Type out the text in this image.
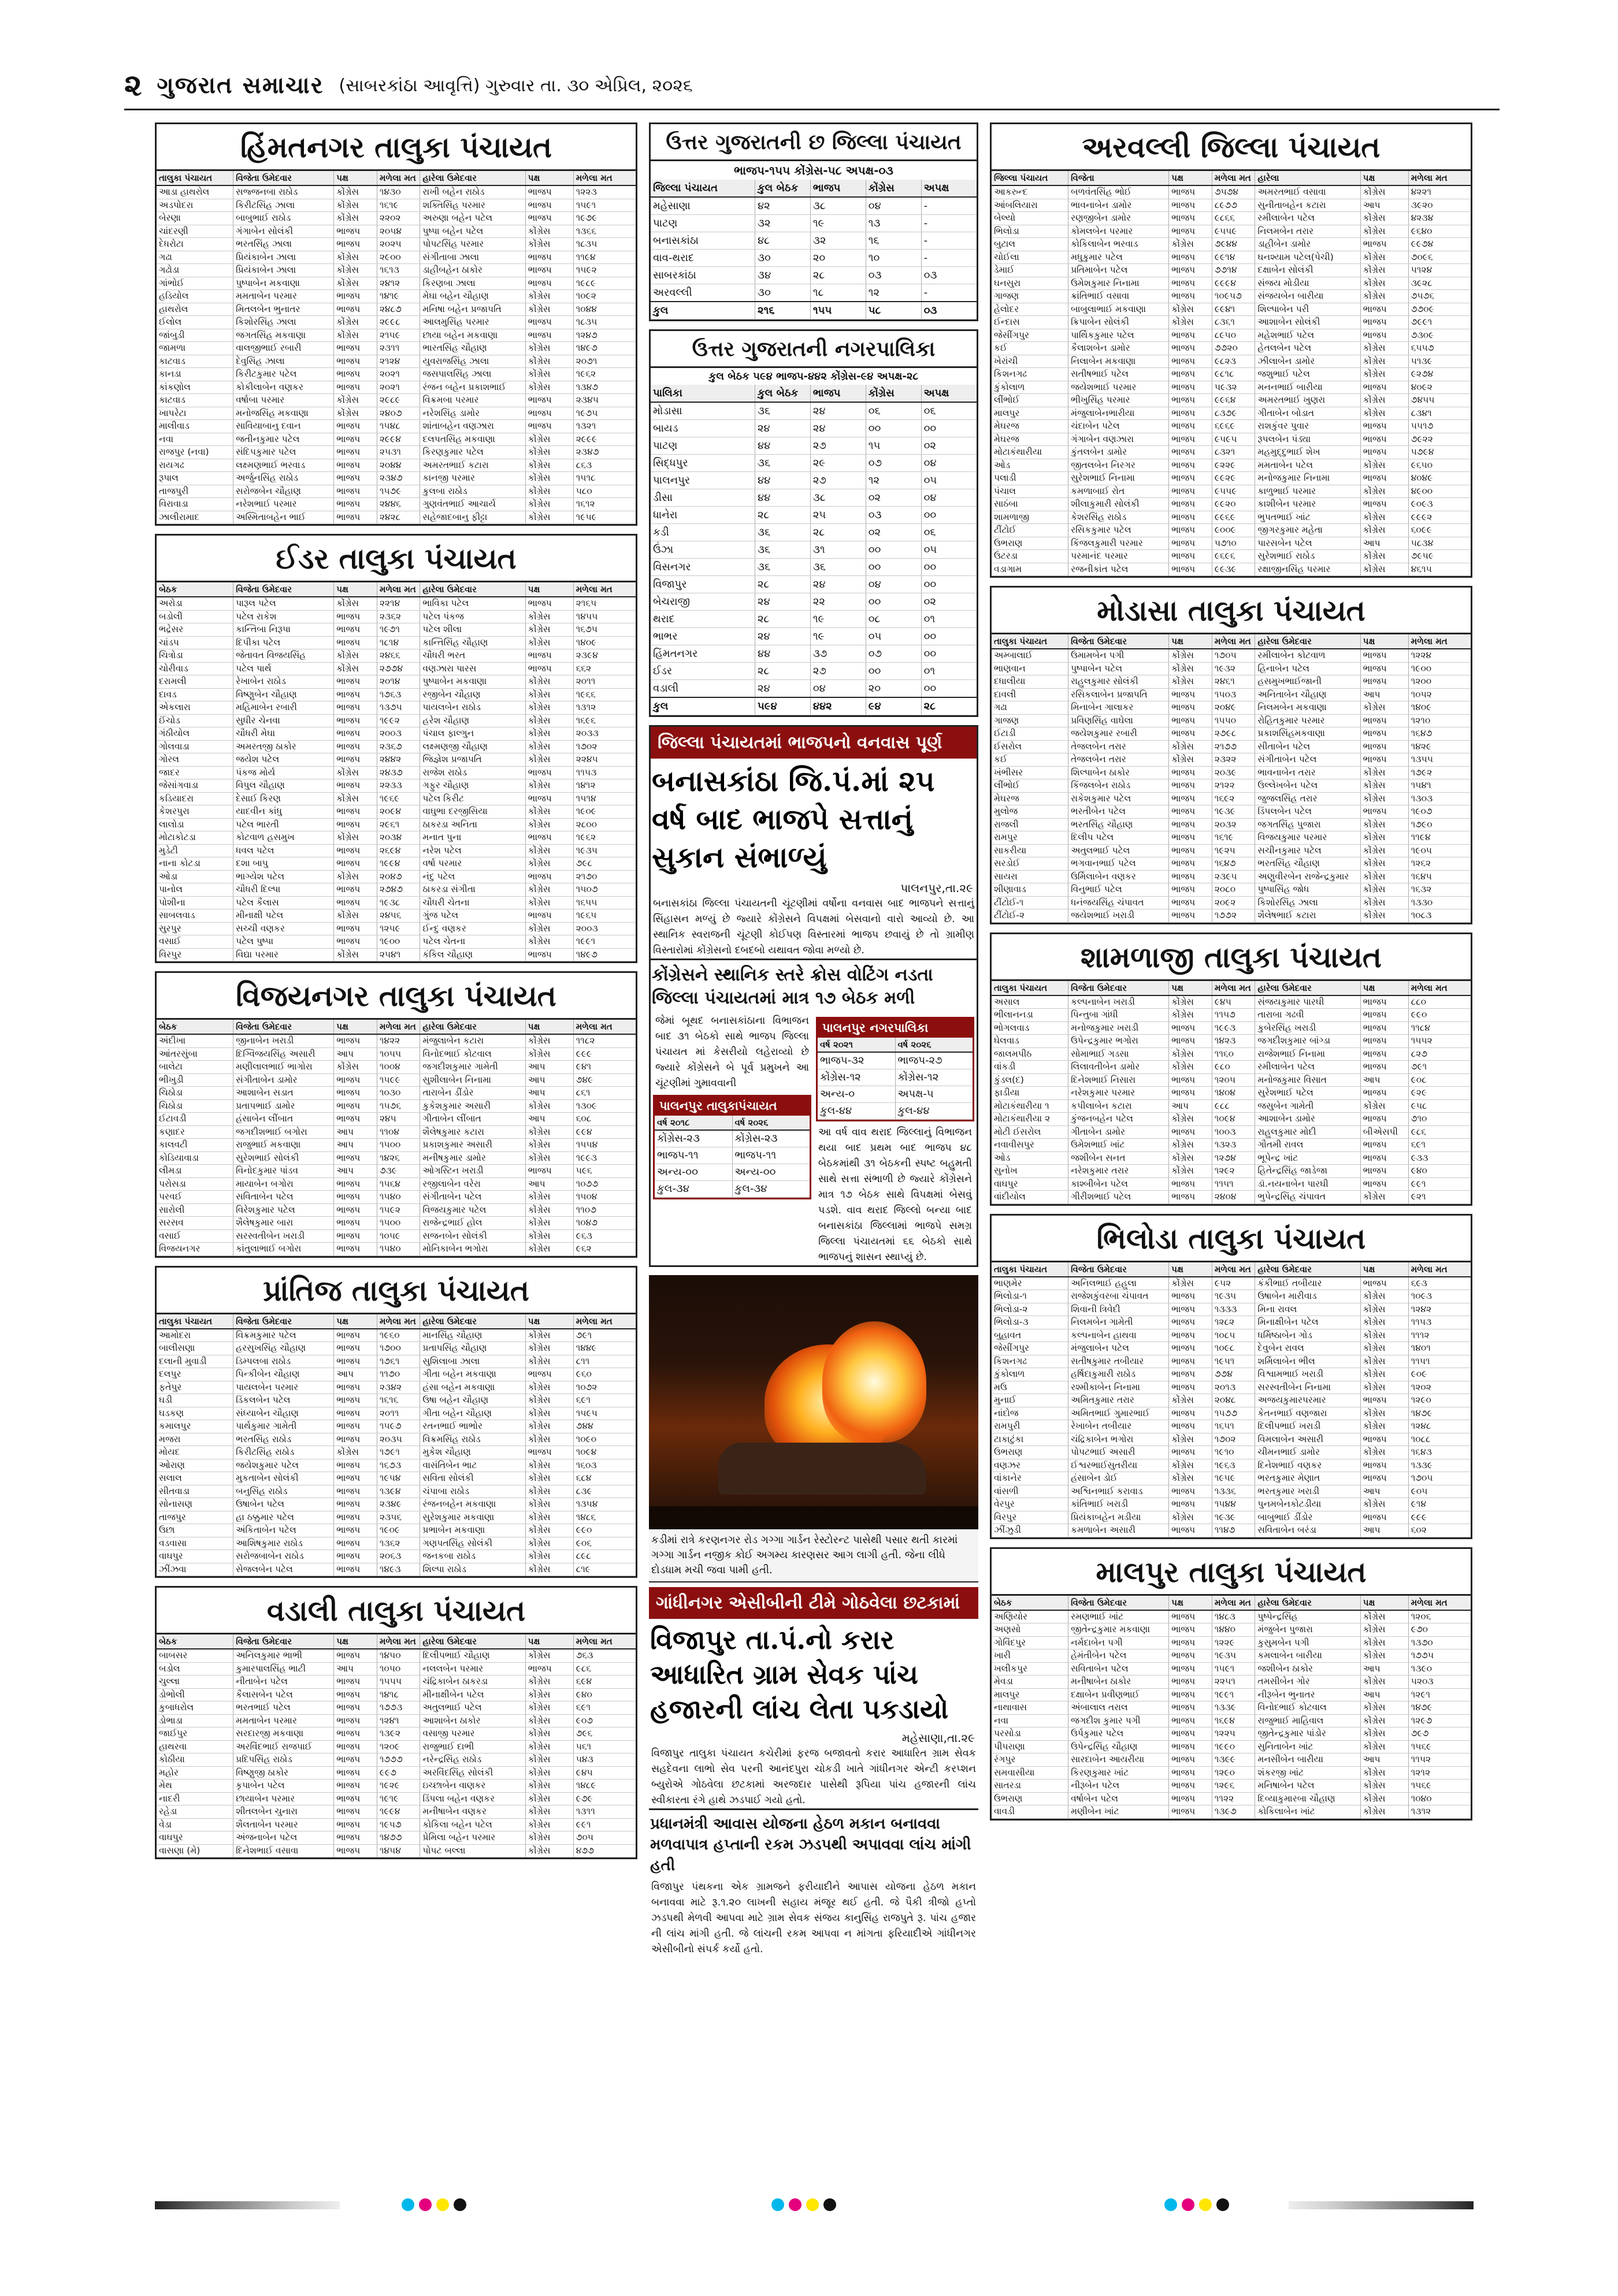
૨ ગુજરાત સમાચાર (સાબરકાંઠા આવૃત્તિ) ગુરુવાર તા. ૩૦ એપ્રિલ, ૨૦૨૬
હિંમતનગર તાલુકા પંચાયત
તાલુકા પંચાયત	વિજેતા ઉમેદવાર	પક્ષ	મળેલા મત	હારેલા ઉમેદવાર	પક્ષ	મળેલા મત
આડા હાથરોલ	સજ્જનબા રાઠોડ	કોંગ્રેસ	૧૪૩૦	રાખી બહેન રાઠોડ	ભાજપ	૧૨૨૩
અડપોદરા	કિરીટસિંહ ઝાલા	કોંગ્રેસ	૧૬૧૯	શક્તિસિંહ પરમાર	ભાજપ	૧૫૯૧
બેરણા	બાબુભાઈ રાઠોડ	કોંગ્રેસ	૨૨૦૨	અરુણા બહેન પટેલ	ભાજપ	૧૯૭૯
ચાંદરણી	ગંગાબેન સોલંકી	ભાજપ	૨૦૫૪	પુષ્પા બહેન પટેલ	કોંગ્રેસ	૧૩૬૬
દેધરોટા	ભરતસિંહ ઝાલા	ભાજપ	૨૦૨૫	પોપટસિંહ પરમાર	કોંગ્રેસ	૧૮૩૫
ગઢા	પ્રિયંકાબેન ઝાલા	કોંગ્રેસ	૨૯૦૦	સંગીતાબા ઝાલા	ભાજપ	૧૧૯૪
ગઢોડા	પ્રિયંકાબેન ઝાલા	કોંગ્રેસ	૧૬૧૩	ડાહીબહેન ઠાકોર	ભાજપ	૧૫૯૨
ગાંભોઈ	પુષ્પાબેન મકવાણા	કોંગ્રેસ	૨૪૧૨	કિરણબા ઝાલા	ભાજપ	૧૯૮૯
હડિયોલ	મમતાબેન પરમાર	ભાજપ	૧૪૧૯	મેઘા બહેન ચૌહાણ	કોંગ્રેસ	૧૦૯૨
હાથરોલ	મિતલબેન ભુનાતર	ભાજપ	૨૪૮૭	મનિષા બહેન પ્રજાપતિ	કોંગ્રેસ	૧૦૪૪
ઈલોલ	કિશોરસિંહ ઝાલા	કોંગ્રેસ	૨૯૯૮	આલમુસિંહ પરમાર	ભાજપ	૧૮૩૫
જાંબુડી	જગતસિંહ મકવાણા	કોંગ્રેસ	૨૧૫૯	છાયા બહેન મકવાણા	ભાજપ	૧૨૪૭
જામળા	વાલજીભાઈ રબારી	ભાજપ	૨૩૧૧	ભારતસિંહ ચૌહાણ	કોંગ્રેસ	૧૪૯૭
કાટવાડ	દેવુસિંહ ઝાલા	ભાજપ	૨૧૨૪	યુવરાજસિંહ ઝાલા	કોંગ્રેસ	૨૦૭૧
કાનડા	કિરીટકુમાર પટેલ	ભાજપ	૨૦૨૧	જસપાલસિંહ ઝાલા	કોંગ્રેસ	૧૯૬૨
કાંકણોલ	કોકીલાબેન વણકર	ભાજપ	૨૦૨૧	રંજન બહેન પ્રકાશભાઈ	કોંગ્રેસ	૧૩૪૭
કાટવાડ	વર્ષાબા પરમાર	કોંગ્રેસ	૨૯૮૯	વિક્રમબા પરમાર	ભાજપ	૨૩૪૫
ખાપરેટા	મનોજસિંહ મકવાણા	કોંગ્રેસ	૨૪૦૭	નરેશસિંહ ડામોર	ભાજપ	૧૯૭૫
માલીવાડ	સાવિયાબાનુ દવાન	ભાજપ	૧૫૪૮	શાંતાબહેન વણઝારા	ભાજપ	૧૩૨૧
નવા	જતીનકુમાર પટેલ	ભાજપ	૨૯૯૪	દલપતસિંહ મકવાણા	કોંગ્રેસ	૨૯૯૯
રાજપુર (નવા)	સંદિપકુમાર પટેલ	ભાજપ	૨૫૩૧	કિરણકુમાર પટેલ	કોંગ્રેસ	૨૩૪૭
રાયગઢ	લક્ષ્મણભાઈ ભરવાડ	ભાજપ	૨૦૪૪	અમરતભાઈ કટારા	કોંગ્રેસ	૮૬૩
રૂપાલ	અર્જુનસિંહ રાઠોડ	ભાજપ	૨૩૪૭	કાનજી પરમાર	કોંગ્રેસ	૧૫૧૮
તાજપુરી	સરોજબેન ચૌહાણ	ભાજપ	૧૫૭૯	કુલબા રાઠોડ	કોંગ્રેસ	૫૮૦
વિરાવાડા	નરેશભાઈ પરમાર	ભાજપ	૨૪૪૬	ગુણવંતભાઈ આચાર્ય	કોંગ્રેસ	૧૬૧૨
ઝાલીરામાદ	અસ્મિતાબહેન ભાઈ	ભાજપ	૨૪૨૮	સહેજાદબાનુ ફીટ્ટા	કોંગ્રેસ	૧૯૫૯
ઈડર તાલુકા પંચાયત
બેઠક	વિજેતા ઉમેદવાર	પક્ષ	મળેલા મત	હારેલા ઉમેદવાર	પક્ષ	મળેલા મત
અરોડા	પારૂલ પટેલ	કોંગ્રેસ	૨૨૧૪	ભાવિકા પટેલ	ભાજપ	૨૧૬૫
બડોલી	પટેલ રાકેશ	ભાજપ	૨૩૬૨	પટેલ પંકજ	કોંગ્રેસ	૧૪૫૫
ભદ્રેસર	કાન્તિબા નિરૂપા	ભાજપ	૧૯૭૧	પટેલ શીલા	કોંગ્રેસ	૧૬૭૫
ચાંડપ	દિપીકા પટેલ	ભાજપ	૧૮૧૪	કાન્તિસિંહ ચૌહાણ	કોંગ્રેસ	૧૪૦૯
ચિત્રોડા	જેતાવત વિજયસિંહ	કોંગ્રેસ	૨૪૬૬	ચૌધરી ભરત	ભાજપ	૨૩૯૪
ચોરીવાડ	પટેલ પાર્થ	કોંગ્રેસ	૨૭૭૪	વણઝારા પારસ	ભાજપ	૬૬૨
દરામલી	રેખાબેન રાઠોડ	ભાજપ	૨૦૧૪	પુષ્પાબેન મકવાણા	કોંગ્રેસ	૨૦૧૧
દાવડ	વિષ્ણુબેન ચૌહાણ	ભાજપ	૧૭૬૩	રજીબેન ચૌહાણ	કોંગ્રેસ	૧૯૬૬
એકલારા	મહિમાબેન રબારી	ભાજપ	૧૩૭૫	પાયલબેન રાઠોડ	કોંગ્રેસ	૧૩૧૨
ઈંચોડ	સુધીર ચેનવા	ભાજપ	૧૯૯૨	હરેશ ચૌહાણ	કોંગ્રેસ	૧૬૯૬
ગંઠીયોલ	ચૌધરી મેઘા	ભાજપ	૨૦૦૩	પંચાલ ફાલ્ગુન	કોંગ્રેસ	૨૦૩૩
ગોલવાડા	અમરતજી ઠાકોર	ભાજપ	૨૩૬૭	લક્ષ્મણજી ચૌહાણ	કોંગ્રેસ	૧૭૦૨
ગોરલ	જયેશ પટેલ	ભાજપ	૨૪૪૨	જિજ્ઞેશ પ્રજાપતિ	કોંગ્રેસ	૨૨૪૫
જાદર	પંકજ મોર્ય	કોંગ્રેસ	૨૪૩૭	રાજેશ રાઠોડ	ભાજપ	૧૧૫૩
જેસાંગવાડા	વિપુલ ચૌહાણ	ભાજપ	૨૨૩૩	ગફુર ચૌહાણ	કોંગ્રેસ	૧૪૧૨
કડિયાદરા	દેસાઈ કિરણ	કોંગ્રેસ	૧૯૬૯	પટેલ કિરીટ	ભાજપ	૧૫૧૪
કેશરપુરા	યાદવીન કાંધુ	ભાજપ	૨૦૯૪	વાઘુભા દરજીસિયા	કોંગ્રેસ	૧૯૦૯
લાલોડા	પટેલ ભારતી	ભાજપ	૨૯૬૧	ઠાકરડા અનિતા	કોંગ્રેસ	૨૮૦૦
મોટાકોટડા	કોટવાળ હસમુખ	કોંગ્રેસ	૨૦૩૪	મનાત પુના	ભાજપ	૧૯૬૨
મુડેટી	ધવલ પટેલ	ભાજપ	૨૬૯૪	નરેશ પટેલ	કોંગ્રેસ	૧૯૩૫
નાના કોટડા	દશા બાપુ	ભાજપ	૧૯૯૪	વર્ષા પરમાર	કોંગ્રેસ	૭૯૮
ઓડા	ભાગ્યેશ પટેલ	કોંગ્રેસ	૨૦૪૭	નંદુ પટેલ	ભાજપ	૨૧૭૦
પાનોલ	ચૌધરી દિલ્પા	ભાજપ	૨૭૪૭	ઠાકરડા સંગીતા	કોંગ્રેસ	૧૫૦૭
પોશીના	પટેલ કૈલાસ	ભાજપ	૧૯૩૮	ચૌધરી ચેતના	કોંગ્રેસ	૧૬૫૫
સાબલવાડ	મીનાક્ષી પટેલ	કોંગ્રેસ	૨૪૫૬	ગુંજ પટેલ	ભાજપ	૧૯૬૫
સુરપુર	સચ્ચી વણકર	ભાજપ	૧૨૫૯	ઈન્દુ વણકર	કોંગ્રેસ	૨૦૦૩
વસાઈ	પટેલ પુષ્પા	ભાજપ	૧૯૦૦	પટેલ ચેતના	કોંગ્રેસ	૧૯૯૧
વિરપુર	વિદ્યા પરમાર	કોંગ્રેસ	૨૫૪૧	કંકિલ ચૌહાણ	ભાજપ	૧૪૯૭
વિજયનગર તાલુકા પંચાયત
બેઠક	વિજેતા ઉમેદવાર	પક્ષ	મળેલા મત	હારેલા ઉમેદવાર	પક્ષ	મળેલા મત
અંદીખા	જીનાબેન ખરાડી	ભાજપ	૧૪૨૨	મંજુલાબેન કટારા	કોંગ્રેસ	૧૧૮૨
આંતરસુંબા	દિગ્વિજયસિંહ અસારી	આપ	૧૦૫૫	વિનોદભાઈ કોટવાલ	કોંગ્રેસ	૯૯૯
બાલેટા	મણીલાલભાઈ ભાગોરા	કોંગ્રેસ	૧૦૦૪	જગદીશકુમાર ગામેતી	આપ	૯૪૧
ભીખુડી	સંગીતાબેન ડામોર	ભાજપ	૧૫૯૯	સુશીલાબેન નિનામા	આપ	૭૪૯
ચિઠોડા	આશાબેન સડાત	ભાજપ	૧૦૩૦	તારાબેન ડીંડોર	આપ	૮૬૧
ચિઠોડા	પ્રતાપભાઈ ડામોર	ભાજપ	૧૫૭૬	કુકેશકુમાર અસારી	કોંગ્રેસ	૧૩૦૯
ઈટાવડી	હંસાબેન લીંબાત	ભાજપ	૨૪૫	ગીતાબેન લીંબાત	આપ	૬૦૮
કણાદર	જગદીશભાઈ બગોરા	આપ	૧૧૦૪	શૈલેષકુમાર કટારા	કોંગ્રેસ	૯૯૪
કાલવટી	રાજુભાઈ મકવાણા	આપ	૧૫૦૦	પ્રકાશકુમાર અસારી	કોંગ્રેસ	૧૫૫૪
કોડિયાવાડા	સુરેશભાઈ સોલંકી	ભાજપ	૧૪૨૬	મનીષકુમાર ડામોર	કોંગ્રેસ	૧૯૯૩
લીમડા	વિનોદકુમાર પાંડવ	આપ	૭૩૯	ઓગસ્ટિન ખરાડી	ભાજપ	૫૯૬
પરોસડા	માયાબેન બગોરા	ભાજપ	૧૫૬૪	રજીલાબેન વરેરા	આપ	૧૦૭૭
પરવઈ	સવિતાબેન પટેલ	ભાજપ	૧૫૪૦	સંગીતાબેન પટેલ	કોંગ્રેસ	૧૫૦૪
સારોલી	વિરેશકુમાર પટેલ	ભાજપ	૧૫૯૨	વિજયકુમાર પટેલ	કોંગ્રેસ	૧૧૦૭
સરસવ	શૈલેષકુમાર બારા	ભાજપ	૧૫૦૦	રાજેન્દ્રભાઈ હોલ	કોંગ્રેસ	૧૦૪૭
વસાઈ	સરસ્વતીબેન ખરાડી	ભાજપ	૧૦૫૯	સજનબેન સોલંકી	કોંગ્રેસ	૯૬૩
વિજયનગર	કાંતુલાભાઈ બગોરા	ભાજપ	૧૫૪૦	મોનિકાબેન ભગોરા	કોંગ્રેસ	૯૬૨
પ્રાંતિજ તાલુકા પંચાયત
તાલુકા પંચાયત	વિજેતા ઉમેદવાર	પક્ષ	મળેલા મત	હારેલા ઉમેદવાર	પક્ષ	મળેલા મત
આમોદરા	વિક્રમકુમાર પટેલ	ભાજપ	૧૯૬૦	માનસિંહ ચૌહાણ	કોંગ્રેસ	૭૯૧
બાલીસણા	હરસુખસિંહ ચૌહાણ	ભાજપ	૧૭૦૦	પ્રતાપસિંહ ચૌહાણ	કોંગ્રેસ	૧૪૪૯
દલાની મુવાડી	ડિમ્પલબા રાઠોડ	ભાજપ	૧૭૬૧	સુશિલાબા ઝાલા	કોંગ્રેસ	૮૧૧
દલપુર	પિન્કીબેન ચૌહાણ	આપ	૧૧૭૦	ગીતા બહેન મકવાણા	ભાજપ	૯૬૦
ફતેપુર	પાયલબેન પરમાર	ભાજપ	૨૩૪૨	હંસા બહેન મકવાણા	કોંગ્રેસ	૧૦૭૨
ઘડી	ડિંકલબેન પટેલ	ભાજપ	૧૬૧૬	ઉષા બહેન ચૌહાણ	કોંગ્રેસ	૬૯૧
ઘડકણ	સંધ્યાબેન ચૌહાણ	ભાજપ	૨૦૧૧	ગીતા બહેન ચૌહાણ	કોંગ્રેસ	૧૫૯૫
કમાલપુર	પાર્થકુમાર ગામેતી	ભાજપ	૧૫૯૭	રતનભાઈ ભાભોર	કોંગ્રેસ	૭૪૪
મજરા	ભરતસિંહ રાઠોડ	ભાજપ	૨૦૩૫	વિક્રમસિંહ રાઠોડ	કોંગ્રેસ	૧૦૯૦
મોયદ	કિરીટસિંહ રાઠોડ	કોંગ્રેસ	૧૭૯૧	મુકેશ ચૌહાણ	ભાજપ	૧૦૯૪
ઓરાણ	જયેશકુમાર પટેલ	ભાજપ	૧૬૭૩	વાસંતિબેન ભાટ	કોંગ્રેસ	૧૬૦૩
સલાલ	મુકતાબેન સોલંકી	ભાજપ	૧૯૫૪	સવિતા સોલંકી	કોંગ્રેસ	૬૮૪
સીતવાડા	બનુસિંહ રાઠોડ	ભાજપ	૧૩૯૪	ચંપાબા રાઠોડ	કોંગ્રેસ	૮૩૯
સોનાસણ	ઉષાબેન પટેલ	ભાજપ	૨૩૪૯	રંજનબહેન મકવાણા	કોંગ્રેસ	૧૩૫૪
તાજપુર	હા ઠક્કુમાર પટેલ	ભાજપ	૨૩૫૬	સુરેશકુમાર મકવાણા	કોંગ્રેસ	૧૪૮૬
ઉછા	અંકિતાબેન પટેલ	ભાજપ	૧૯૦૯	પ્રભાબેન મકવાણા	કોંગ્રેસ	૯૯૦
વડવાસા	આશિષકુમાર રાઠોડ	ભાજપ	૧૩૬૨	ગણપતસિંહ સોલંકી	કોંગ્રેસ	૯૦૬
વાઘપુર	સરોજબાબેન રાઠોડ	ભાજપ	૨૦૬૩	જનકબા રાઠોડ	કોંગ્રેસ	૮૯૮
ઝીંઝવા	સેજલબેન પટેલ	ભાજપ	૧૪૯૩	શિલ્પા રાઠોડ	કોંગ્રેસ	૮૧૯
વડાલી તાલુકા પંચાયત
બેઠક	વિજેતા ઉમેદવાર	પક્ષ	મળેલા મત	હારેલા ઉમેદવાર	પક્ષ	મળેલા મત
બાબસર	અનિલકુમાર ભાભી	ભાજપ	૧૪૫૦	દિલીપભાઈ ચૌહાણ	કોંગ્રેસ	૭૬૩
બડોલ	કુમારપાલસિંહ ભાટી	આપ	૧૦૫૦	નલલબેન પરમાર	ભાજપ	૯૮૬
ચુલ્લા	નીતાબેન પટેલ	ભાજપ	૧૫૫૫	ચંદ્રિકાબેન ઠાકરડા	કોંગ્રેસ	૬૯૪
ડોભોલી	કૈલાસબેન પટેલ	ભાજપ	૧૪૧૮	મીનાક્ષીબેન પટેલ	કોંગ્રેસ	૯૪૦
કુબાધરોલ	ભરતભાઈ પટેલ	ભાજપ	૧૭૭૩	અતુલભાઈ પટેલ	કોંગ્રેસ	૬૯૧
ડોભાડા	મમતાબેન પરમાર	ભાજપ	૧૨૪૧	આશાબેન ઠાકોર	કોંગ્રેસ	૯૦૭
જાઈપુર	સરદારજી મકવાણા	ભાજપ	૧૩૯૨	વસાજી પરમાર	કોંગ્રેસ	૭૯૬
હાથરવા	અરવિંદભાઈ રાજપાઈ	ભાજપ	૧૨૦૯	રાજુભાઈ દાભી	કોંગ્રેસ	૫૬૧
કોઠીયા	પ્રદિપસિંહ રાઠોડ	ભાજપ	૧૭૭૭	નરેન્દ્રસિંહ રાઠોડ	કોંગ્રેસ	૫૪૩
મહોર	વિષ્ણુજી ઠાકોર	ભાજપ	૯૯૭	અરવિંદસિંહ સોલંકી	કોંગ્રેસ	૯૪૫
મેથ	કૃપાબેન પટેલ	ભાજપ	૧૯૨૯	ઇચ્છાબેન વાણકર	કોંગ્રેસ	૧૪૮૯
નાદરી	છાયાબેન પરમાર	ભાજપ	૧૯૧૯	ડિંપલા બહેન વણકર	કોંગ્રેસ	૯૭૯
રહેડા	શીતલબેન ચુનારા	ભાજપ	૧૯૯૪	મનીષાબેન વણકર	કોંગ્રેસ	૧૩૧૧
વેડા	શૈલતાબેન પરમાર	ભાજપ	૧૯૫૭	કોકિલા બહેન પટેલ	કોંગ્રેસ	૯૯૧
વાઘપુર	અંજનાબેન પટેલ	ભાજપ	૧૪૭૭	પ્રેમિલા બહેન પરમાર	કોંગ્રેસ	૭૦૫
વાસણા (મે)	દિનેશભાઈ વસાવા	ભાજપ	૧૪૫૪	પોપટ બલ્લા	કોંગ્રેસ	૪૭૭
ઉત્તર ગુજરાતની છ જિલ્લા પંચાયત
ભાજપ-૧૫૫ કોંગ્રેસ-૫૮ અપક્ષ-૦૩
જિલ્લા પંચાયત	કુલ બેઠક	ભાજપ	કોંગ્રેસ	અપક્ષ
મહેસાણા	૪૨	૩૮	૦૪	-
પાટણ	૩૨	૧૯	૧૩	-
બનાસકાંઠા	૪૮	૩૨	૧૬	-
વાવ-થરાદ	૩૦	૨૦	૧૦	-
સાબરકાંઠા	૩૪	૨૮	૦૩	૦૩
અરવલ્લી	૩૦	૧૮	૧૨	-
કુલ	૨૧૬	૧૫૫	૫૮	૦૩
ઉત્તર ગુજરાતની નગરપાલિકા
કુલ બેઠક ૫૯૪ ભાજપ-૪૪૨ કોંગ્રેસ-૯૪ અપક્ષ-૨૮
પાલિકા	કુલ બેઠક	ભાજપ	કોંગ્રેસ	અપક્ષ
મોડાસા	૩૬	૨૪	૦૬	૦૬
બાયડ	૨૪	૨૪	૦૦	૦૦
પાટણ	૪૪	૨૭	૧૫	૦૨
સિદ્ધપુર	૩૬	૨૯	૦૭	૦૪
પાલનપુર	૪૪	૨૭	૧૨	૦૫
ડીસા	૪૪	૩૮	૦૨	૦૪
ધાનેરા	૨૮	૨૫	૦૩	૦૦
કડી	૩૬	૨૮	૦૨	૦૬
ઉંઝા	૩૬	૩૧	૦૦	૦૫
વિસનગર	૩૬	૩૬	૦૦	૦૦
વિજાપુર	૨૮	૨૪	૦૪	૦૦
બેચરાજી	૨૪	૨૨	૦૦	૦૨
થરાદ	૨૮	૧૯	૦૮	૦૧
ભાભર	૨૪	૧૯	૦૫	૦૦
હિંમતનગર	૪૪	૩૭	૦૭	૦૦
ઈડર	૨૮	૨૭	૦૦	૦૧
વડાલી	૨૪	૦૪	૨૦	૦૦
કુલ	૫૯૪	૪૪૨	૯૪	૨૮
જિલ્લા પંચાયતમાં ભાજપનો વનવાસ પૂર્ણ
બનાસકાંઠા જિ.પં.માં ૨૫ વર્ષ બાદ ભાજપે સત્તાનું સુકાન સંભાળ્યું
પાલનપુર,તા.૨૯
બનાસકાંઠા જિલ્લા પંચાયતની ચૂંટણીમાં વર્ષોના વનવાસ બાદ ભાજપને સત્તાનું સિંહાસન મળ્યું છે જ્યારે કોંગ્રેસને વિપક્ષમાં બેસવાનો વારો આવ્યો છે. આ સ્થાનિક સ્વરાજની ચૂંટણી કોઈપણ વિસ્તારમાં ભાજપ છવાયું છે તો ગ્રામીણ વિસ્તારોમાં કોંગ્રેસનો દબદબો યથાવત જોવા મળ્યો છે.
કોંગ્રેસને સ્થાનિક સ્તરે ક્રોસ વોટિંગ નડતા જિલ્લા પંચાયતમાં માત્ર ૧૭ બેઠક મળી
જેમાં બૂથદ બનાસકાંઠાના વિભાજન બાદ ૩૧ બેઠકો સાથે ભાજપ જિલ્લા પંચાયત માં કેસરીયો લહેરાવ્યો છે જ્યારે કોંગ્રેસને બે પૂર્વ પ્રમુખને આ ચૂંટણીમાં ગુમાવવાની
પાલનપુર તાલુકાપંચાયત
વર્ષ ૨૦૧૮	વર્ષ ૨૦૨૬
કોંગ્રેસ-૨૩	કોંગ્રેસ-૨૩
ભાજપ-૧૧	ભાજપ-૧૧
અન્ય-૦૦	અન્ય-૦૦
કુલ-૩૪	કુલ-૩૪
પાલનપુર નગરપાલિકા
વર્ષ ૨૦૨૧	વર્ષ ૨૦૨૬
ભાજપ-૩૨	ભાજપ-૨૭
કોંગ્રેસ-૧૨	કોંગ્રેસ-૧૨
અન્ય-૦	અપક્ષ-૫
કુલ-૪૪	કુલ-૪૪
આ વર્ષ વાવ થરાદ જિલ્લાનું વિભાજન થયા બાદ પ્રથમ બાદ ભાજપ ૪૮ બેઠકમાંથી ૩૧ બેઠકની સ્પષ્ટ બહુમતી સાથે સત્તા સંભાળી છે જ્યારે કોંગ્રેસને માત્ર ૧૭ બેઠક સાથે વિપક્ષમાં બેસવું પડશે. વાવ થરાદ જિલ્લો બન્યા બાદ બનાસકાંઠા જિલ્લામાં ભાજપે સમગ્ર જિલ્લા પંચાયતમાં ૬૬ બેઠકો સાથે ભાજપનું શાસન સ્થાપ્યું છે.
કડીમાં રાત્રે કરણનગર રોડ ગગ્ગા ગાર્ડન રેસ્ટોરન્ટ પાસેથી પસાર થતી કારમાં ગગ્ગા ગાર્ડન નજીક કોઈ અગમ્ય કારણસર આગ લાગી હતી. જેના લીધે દોડધામ મચી જવા પામી હતી.
ગાંધીનગર એસીબીની ટીમે ગોઠવેલા છટકામાં
વિજાપુર તા.પં.નો કરાર આધારિત ગ્રામ સેવક પાંચ હજારની લાંચ લેતા પકડાયો
મહેસાણા,તા.૨૯
વિજાપુર તાલુકા પંચાયત કચેરીમાં ફરજ બજાવતો કરાર આધારિત ગ્રામ સેવક સહદેવના લાભો સેવ પરની આનંદપુરા ચોકડી ખાતે ગાંધીનગર એન્ટી કરપ્શન બ્યુરોએ ગોઠવેલા છટકામાં અરજદાર પાસેથી રૂપિયા પાંચ હજારની લાંચ સ્વીકારતા રંગે હાથે ઝડપાઈ ગયો હતો.
પ્રધાનમંત્રી આવાસ યોજના હેઠળ મકાન બનાવવા મળવાપાત્ર હપ્તાની રકમ ઝડપથી અપાવવા લાંચ માંગી હતી
વિજાપુર પંથકના એક ગ્રામજને ફરીયાદીને આપાસ યોજના હેઠળ મકાન બનાવવા માટે રૂ.૧.૨૦ લાખની સહાય મંજૂર થઈ હતી. જે પૈકી ત્રીજો હપ્તો ઝડપથી મેળવી આપવા માટે ગ્રામ સેવક સંજય કાનુસિંહ રાજપુતે રૂ. પાંચ હજાર ની લાંચ માંગી હતી. જે લાંચની રકમ આપવા ન માંગતા ફરિયાદીએ ગાંધીનગર એસીબીનો સંપર્ક કર્યો હતો.
અરવલ્લી જિલ્લા પંચાયત
જિલ્લા પંચાયત	વિજેતા	પક્ષ	મળેલા મત	હારેલા	પક્ષ	મળેલા મત
આકરુન્દ	બળવંતસિંહ ભોઈ	ભાજપ	૭૫૭૪	અમરતભાઈ વસાવા	કોંગ્રેસ	૪૨૨૧
આંબલિયારા	ભાવનાબેન ડામોર	ભાજપ	૮૯૭૭	સુનીતાબહેન કટારા	આપ	૩૯૨૦
બેલ્યો	રણજીબેન ડામોર	ભાજપ	૯૮૬૬	રમીલાબેન પટેલ	કોંગ્રેસ	૪૨૩૪
ભિલોડા	કોમલબેન પરમાર	ભાજપ	૯૫૫૯	નિલમબેન તરાર	કોંગ્રેસ	૯૬૪૦
બુટાલ	કોકિલાબેન ભરવાડ	કોંગ્રેસ	૭૯૪૪	ડાહીબેન ડામોર	ભાજપ	૯૯૭૪
ચોઈલા	મધુકુમાર પટેલ	ભાજપ	૯૯૧૪	ઘનશ્યામ પટેલ(પેચી)	કોંગ્રેસ	૭૦૯૬
ડેમાઈ	પ્રતિમાબેન પટેલ	ભાજપ	૭૭૧૪	દક્ષાબેન સોલંકી	કોંગ્રેસ	૫૧૨૪
ઘનસુરા	ઉમેશકુમાર નિનામા	ભાજપ	૯૯૯૪	સંજય મોડીયા	કોંગ્રેસ	૩૯૨૮
ગાજણ	ક્રાંતિભાઈ વસાવા	ભાજપ	૧૦૯૫૭	સંજયબેન બારીયા	કોંગ્રેસ	૭૫૭૬
હેલોદર	બાબુલાભાઈ મકવાણા	કોંગ્રેસ	૯૯૪૧	શિલ્પાબેન પરી	ભાજપ	૭૭૦૯
ઈન્દાસ	ક્રિપાબેન સોલંકી	કોંગ્રેસ	૮૩૬૧	આશાબેન સોલંકી	ભાજપ	૭૯૯૧
જેસીંગપુર	પાર્થિકકુમાર પટેલ	ભાજપ	૮૯૫૦	મહેશભાઈ પટેલ	ભાજપ	૭૩૦૯
કઈ	કૈલાશબેન ડામોર	ભાજપ	૭૭૨૦	હેતલબેન પટેલ	કોંગ્રેસ	૬૫૫૭
ખેરાંચી	નિલાબેન મકવાણા	ભાજપ	૯૮૨૩	ઝીલાબેન ડામોર	કોંગ્રેસ	૫૧૩૯
કિશનગઢ	સતીષભાઈ પટેલ	ભાજપ	૯૮૧૮	જશુભાઈ પટેલ	કોંગ્રેસ	૯૨૭૪
કુંકોલાળ	જયેશભાઈ પરમાર	ભાજપ	૫૯૩૨	મનનભાઈ બારીયા	ભાજપ	૪૦૯૨
લીંભોઈ	ભીખુસિંહ પરમાર	ભાજપ	૯૯૬૪	અમરતભાઈ ખુણરા	કોંગ્રેસ	૭૪૫૫
માલપુર	મંજુલાબેનભારીયા	ભાજપ	૮૩૭૯	ગીતાબેન બોડાત	કોંગ્રેસ	૮૩૪૧
મેઘરજ	ચંદાબેન પટેલ	ભાજપ	૬૯૬૯	રાશકુંવર પુવાર	ભાજપ	૫૫૧૭
મેઘરજ	ગંગાબેન વણઝારા	ભાજપ	૯૫૯૫	રૂપલબેન પંડ્યા	ભાજપ	૭૯૨૨
મોટાકંથારીયા	કુંતલબેન ડામોર	ભાજપ	૮૩૨૧	મહમુદ્દુભાઈ શેખ	ભાજપ	૫૭૯૪
ઓડ	જીતલબેન નિરગર	ભાજપ	૯૨૨૯	મમતાબેન પટેલ	કોંગ્રેસ	૯૬૫૦
પલાડી	સુરેશભાઈ નિનામા	ભાજપ	૯૯૨૯	મનોજકુમાર નિનામા	ભાજપ	૪૦૪૯
પંચાલ	કમળાબાઈ રોત	ભાજપ	૯૫૫૯	કાળુભાઈ પરમાર	કોંગ્રેસ	૪૯૦૦
સાઠંબા	શીલાકુમારી સોલંકી	ભાજપ	૯૯૨૦	કાશીબેન પરમાર	ભાજપ	૯૦૯૩
શામળાજી	કેશરસિંહ રાઠોડ	ભાજપ	૯૯૬૯	ભુપતભાઈ ખાંટ	કોંગ્રેસ	૯૯૯૨
ટીંટોઈ	રસિકકુમાર પટેલ	ભાજપ	૯૦૦૯	જીગરકુમાર મહેતા	કોંગ્રેસ	૬૦૯૯
ઉભરાણ	કિંજલકુમારી પરમાર	ભાજપ	૫૭૧૦	પારસબેન પટેલ	આપ	૫૮૩૪
ઉંટરડા	પરમાનંદ પરમાર	ભાજપ	૯૬૯૬	સુરેશભાઈ રાઠોડ	કોંગ્રેસ	૭૯૫૯
વડાગામ	રજનીકાંત પટેલ	ભાજપ	૯૯૩૯	રક્ષાજીનસિંહ પરમાર	કોંગ્રેસ	૪૬૧૫
મોડાસા તાલુકા પંચાયત
તાલુકા પંચાયત	વિજેતા ઉમેદવાર	પક્ષ	મળેલા મત	હારેલા ઉમેદવાર	પક્ષ	મળેલા મત
અમ્બાલાઈ	ઉમામબેન પગી	કોંગ્રેસ	૧૭૦૫	રમીલાબેન કોટવાળ	ભાજપ	૧૨૨૪
ભાણવાન	પુષ્પાબેન પટેલ	કોંગ્રેસ	૧૯૩૨	હિનાબેન પટેલ	ભાજપ	૧૯૦૦
દધાલીયા	રાહુલકુમાર સોલંકી	કોંગ્રેસ	૨૪૬૧	હસમુખભાઈજાની	ભાજપ	૧૨૦૦
દાવલી	રસિકલાબેન પ્રજાપતિ	ભાજપ	૧૫૦૩	અનિતાબેન ચૌહાણ	આપ	૧૦૫૨
ગઢા	મિનાબેન ગાલાકર	ભાજપ	૨૦૪૯	નિલમબેન મકવાણા	કોંગ્રેસ	૧૪૦૯
ગાજણ	પ્રવિણસિંહ વાઘેલા	ભાજપ	૧૫૫૦	રોહિતકુમાર પરમાર	ભાજપ	૧૨૧૦
ઈટાડી	જયેશકુમાર રબારી	ભાજપ	૨૭૯૮	પ્રકાશસિંહમકવાણા	ભાજપ	૧૬૪૭
ઈસરોલ	તેજલબેન તરાર	કોંગ્રેસ	૨૧૭૭	સીતાબેન પટેલ	ભાજપ	૧૪૨૯
કઈ	તેજલબેન તરાર	કોંગ્રેસ	૨૩૨૨	સંગીતાબેન પટેલ	ભાજપ	૧૩૫૫
ખંભીસર	શિલ્પાબેન ઠાકોર	ભાજપ	૨૦૩૯	ભાવનાબેન તરાર	કોંગ્રેસ	૧૭૯૨
લીંભોઈ	કિંજલબેન રાઠોડ	ભાજપ	૨૧૨૨	ઉલ્લેખબેન પટેલ	કોંગ્રેસ	૧૫૪૧
મેઘરજ	રાકેશકુમાર પટેલ	ભાજપ	૧૬૯૨	જુજલસિંહ તરાર	કોંગ્રેસ	૧૩૦૩
મુલોજ	ભરતીબેન પટેલ	ભાજપ	૧૯૩૯	ડિંપલબેન પટેલ	ભાજપ	૧૯૦૭
રાજલી	ભરતસિંહ ચૌહાણ	ભાજપ	૨૦૩૨	જગતસિંહ પુજારા	કોંગ્રેસ	૧૭૯૦
રામપુર	દિલીપ પટેલ	ભાજપ	૧૬૧૯	વિજયકુમાર પરમાર	કોંગ્રેસ	૧૧૯૪
સાકરીયા	અતુલભાઈ પટેલ	ભાજપ	૧૯૨૫	સચીનકુમાર પટેલ	કોંગ્રેસ	૧૯૦૫
સરડોઈ	ભગવાનભાઈ પટેલ	ભાજપ	૧૬૪૭	ભરતસિંહ ચૌહાણ	કોંગ્રેસ	૧૨૬૨
સાયરા	ઉર્મિલાબેન વણકર	ભાજપ	૨૩૯૫	અણુવીરબેન રાજેન્દ્રકુમાર	કોંગ્રેસ	૧૬૪૫
શીણાવાડ	વિનુભાઈ પટેલ	ભાજપ	૨૦૮૦	પુષ્પાસિંહ જોધ	કોંગ્રેસ	૧૬૩૨
ટીંટોઈ-૧	ધનંજયસિંહ ચંપાવત	ભાજપ	૨૦૯૨	કિશોરસિંહ ઝાલા	કોંગ્રેસ	૧૩૩૦
ટીંટોઈ-૨	જયેશભાઈ ખરાડી	ભાજપ	૧૭૭૨	શૈલેષભાઈ કટારા	કોંગ્રેસ	૧૦૮૩
શામળાજી તાલુકા પંચાયત
તાલુકા પંચાયત	વિજેતા ઉમેદવાર	પક્ષ	મળેલા મત	હારેલા ઉમેદવાર	પક્ષ	મળેલા મત
અસાલ	કલ્પનાબેન ખરાડી	કોંગ્રેસ	૯૪૫	સંજયકુમાર પારઘી	ભાજપ	૮૮૦
ભીલાનનડા	પિન્તુબા ગાંધી	કોંગ્રેસ	૧૧૫૭	તારાબા ગઢવી	ભાજપ	૯૯૦
ભોગલવાડ	મનોજકુમાર ખરાડી	ભાજપ	૧૯૯૩	કુબેરસિંહ ખરાડી	ભાજપ	૧૧૮૪
ઘેલવાડ	ઉપેન્દ્રકુમાર ભગોરા	ભાજપ	૧૪૨૩	જગદીશકુમાર બાંગ્ડા	ભાજપ	૧૫૫૨
જાલમપીઠ	સોમાભાઈ ગડસા	કોંગ્રેસ	૧૧૬૦	રાજેશભાઈ નિનામા	ભાજપ	૮૨૭
વાંકડી	લિલાવતીબેન ડામોર	કોંગ્રેસ	૯૮૦	રમીલાબેન પટેલ	ભાજપ	૭૯૧
કુંડલ(દ)	દિનેશભાઈ નિસારા	ભાજપ	૧૨૦૫	મનોજકુમાર વિસાત	આપ	૯૦૮
ફાડીયા	નરેશકુમાર પરમાર	ભાજપ	૧૪૦૪	સુરેશભાઈ પટેલ	ભાજપ	૯૨૯
મોટાકંથારીયા ૧	કપીલાબેન કટારા	આપ	૯૮૮	જસુબેન ગામેતી	કોંગ્રેસ	૯૫૮
મોટાકંથારીયા ૨	કુંજનબહેન પટેલ	કોંગ્રેસ	૧૦૯૪	આશાબેન ડામોર	ભાજપ	૭૧૦
મોટી ઈસરોલ	ગીતાબેન ડામોર	ભાજપ	૧૦૦૩	રાહુલકુમાર મોદી	બીએસપી	૯૮૬
નવાવીસપુર	ઉમેશભાઈ ખાંટ	કોંગ્રેસ	૧૩૨૩	ગૌતમી રાવલ	ભાજપ	૬૯૧
ઓડ	જશીબેન સનત	કોંગ્રેસ	૧૨૭૪	ભૂપેન્દ્ર ખાંટ	ભાજપ	૯૩૩
સુનોખ	નરેશકુમાર તરાર	કોંગ્રેસ	૧૨૯૨	હિતેન્દ્રસિંહ જાડેજા	ભાજપ	૯૪૦
વાઘપુર	કાશ્બીબેન પટેલ	ભાજપ	૧૧૫૧	ડૉ.નયનાબેન પારઘી	ભાજપ	૯૯૧
વાંદીયોલ	ગીરીશભાઈ પટેલ	ભાજપ	૨૪૦૪	ભુપેન્દ્રસિંહ ચંપાવત	કોંગ્રેસ	૯૨૧
ભિલોડા તાલુકા પંચાયત
તાલુકા પંચાયત	વિજેતા ઉમેદવાર	પક્ષ	મળેલા મત	હારેલા ઉમેદવાર	પક્ષ	મળેલા મત
ભાણમેર	અનિલભાઈ હહુલા	કોંગ્રેસ	૯૫૨	કંકીભાઈ તબીયાર	ભાજપ	૬૯૩
ભિલોડા-૧	રાજેશકુંવરબા ચંપાવત	ભાજપ	૧૯૩૫	ઉષાબેન મારીવાડ	કોંગ્રેસ	૧૦૯૩
ભિલોડા-૨	શિવાની ત્રિવેદી	ભાજપ	૧૩૩૩	મિના રાવલ	કોંગ્રેસ	૧૨૪૨
ભિલોડા-૩	નિલમબેન ગામેતી	ભાજપ	૧૨૮૨	મિનાક્ષીબેન પટેલ	કોંગ્રેસ	૧૧૫૩
બુહાવત	કલ્પનાબેન હાથવા	ભાજપ	૧૦૮૫	ધર્મિષ્ઠાબેન ગોડ	કોંગ્રેસ	૧૧૧૨
જેસીંગપુર	મંજુલાબેન પટેલ	ભાજપ	૧૦૯૮	દેવુબેન રાવલ	કોંગ્રેસ	૧૪૦૧
કિશનગઢ	સતીષકુમાર તબીયાર	ભાજપ	૧૯૫૧	શર્મિલાબેન ભીલ	કોંગ્રેસ	૧૧૫૧
કુંકોલાળ	હર્ષિદાકુમારી રાઠોડ	ભાજપ	૭૭૪	વિશ્વામભાઈ ખરાડી	કોંગ્રેસ	૯૦૯
મઉ	રશ્મીકાબેન નિનામા	ભાજપ	૨૦૧૩	સરસ્વતીબેન નિનામા	કોંગ્રેસ	૧૨૦૨
મુનાઈ	અમિતકુમાર તરાર	કોંગ્રેસ	૨૦૪૮	અજયકુમારપરમાર	ભાજપ	૧૨૯૦
નાંદોજ	અમિતભાઈ ગુમારભાઈ	ભાજપ	૧૫૭૭	કેતનભાઈ વણજારા	કોંગ્રેસ	૧૪૭૯
રામપુરી	રેખાબેન તબીયાર	ભાજપ	૧૬૫૧	દિલીપભાઈ ખરાડી	કોંગ્રેસ	૧૨૪૮
ટાકાટુંકા	ચંદ્રિકાબેન ભગોરા	કોંગ્રેસ	૧૭૦૨	વિમલાબેન અસારી	ભાજપ	૧૦૮૮
ઉભરાણ	પોપટભાઈ અસારી	ભાજપ	૧૯૧૦	ચીમનભાઈ ડામોર	કોંગ્રેસ	૧૬૪૩
વણઝર	ઈશ્વરભાઈસુતરીયા	કોંગ્રેસ	૧૯૬૩	દિનેશભાઈ વણકર	ભાજપ	૧૩૩૯
વાંકાનેર	હંસાબેન ડોઈ	કોંગ્રેસ	૧૯૫૯	ભરતકુમાર મેણાત	ભાજપ	૧૭૦૫
વાંસળી	અશ્વિનભાઈ કરાવાડ	ભાજપ	૧૩૩૬	ભરતકુમાર ખરાડી	આપ	૯૦૫
વેરપુર	કાંતિભાઈ ખરાડી	ભાજપ	૧૫૪૪	પુનમબેનકોટડીયા	કોંગ્રેસ	૯૧૪
વિરપુર	પ્રિયંકાબહેન મડીયા	કોંગ્રેસ	૧૯૩૯	બાબુભાઈ ડીંડોર	ભાજપ	૯૯૯
ઝીંઝુડી	કમળાબેન અસારી	ભાજપ	૧૧૪૭	સવિતાબેન બરંડા	આપ	૬૦૨
માલપુર તાલુકા પંચાયત
બેઠક	વિજેતા ઉમેદવાર	પક્ષ	મળેલા મત	હારેલા ઉમેદવાર	પક્ષ	મળેલા મત
અણિયોર	રમણભાઈ ખાંટ	ભાજપ	૧૪૮૩	પુષ્પેન્દ્રસિંહ	કોંગ્રેસ	૧૨૦૬
અણસો	જીતેન્દ્રકુમાર મકવાણા	ભાજપ	૧૪૪૦	મંજુબેન પુજારા	કોંગ્રેસ	૯૭૦
ગોવિંદપુર	નર્મદાબેન પગી	ભાજપ	૧૨૨૯	કુસુમબેન પગી	કોંગ્રેસ	૧૩૭૦
ખારી	હેમંતીબેન પટેલ	ભાજપ	૧૯૩૫	કમલાબેન બારીયા	કોંગ્રેસ	૧૭૭૫
ખલીકપુર	સવિતાબેન પટેલ	ભાજપ	૧૫૯૧	જશીબેન ઠાકોર	આપ	૧૩૯૦
મેવડા	મનીષાબેન ઠાકોર	ભાજપ	૨૨૫૧	તમસીબેન ગોર	કોંગ્રેસ	૫૨૦૩
માલપુર	દક્ષાબેન પ્રવીણભાઈ	ભાજપ	૧૯૯૧	નીરૂબેન ભુનાતર	આપ	૧૨૯૧
નાથાવાસ	અંબાલાલ તરાલ	ભાજપ	૧૩૩૯	વિનોદભાઈ કોટવાલ	કોંગ્રેસ	૧૪૭૯
નવા	જગદીશ કુમાર પગી	ભાજપ	૧૬૯૪	રાજુભાઈ માહિવાલ	કોંગ્રેસ	૧૨૯૭
પરસોડા	ઉર્પકુમાર પટેલ	ભાજપ	૧૨૨૫	જીતેન્દ્રકુમાર પાંડોર	કોંગ્રેસ	૭૯૭
પીપરાણા	ઉપેન્દ્રસિંહ ચૌહાણ	ભાજપ	૧૯૯૦	સુનિતાબેન ખાંટ	કોંગ્રેસ	૧૫૬૯
રંગપુર	સારદાબેન આયરીયા	ભાજપ	૧૩૯૯	મનસીબેન બારીયા	આપ	૧૧૫૨
સમવાસીયા	કિરણકુમાર ખાંટ	ભાજપ	૧૨૯૦	શંકરજી ખાંટ	કોંગ્રેસ	૧૨૧૨
સાતરડા	નીરૂબેન પટેલ	ભાજપ	૧૨૯૬	મનિષાબેન પટેલ	કોંગ્રેસ	૧૫૬૯
ઉભરાણ	વર્ષાબેન પટેલ	ભાજપ	૧૧૨૨	દિવ્યાકુમારબા ચૌહાણ	કોંગ્રેસ	૧૦૪૦
વાવડી	મણીબેન ખાંટ	ભાજપ	૧૩૯૭	કોકિલાબેન ખાંટ	કોંગ્રેસ	૧૩૧૨
